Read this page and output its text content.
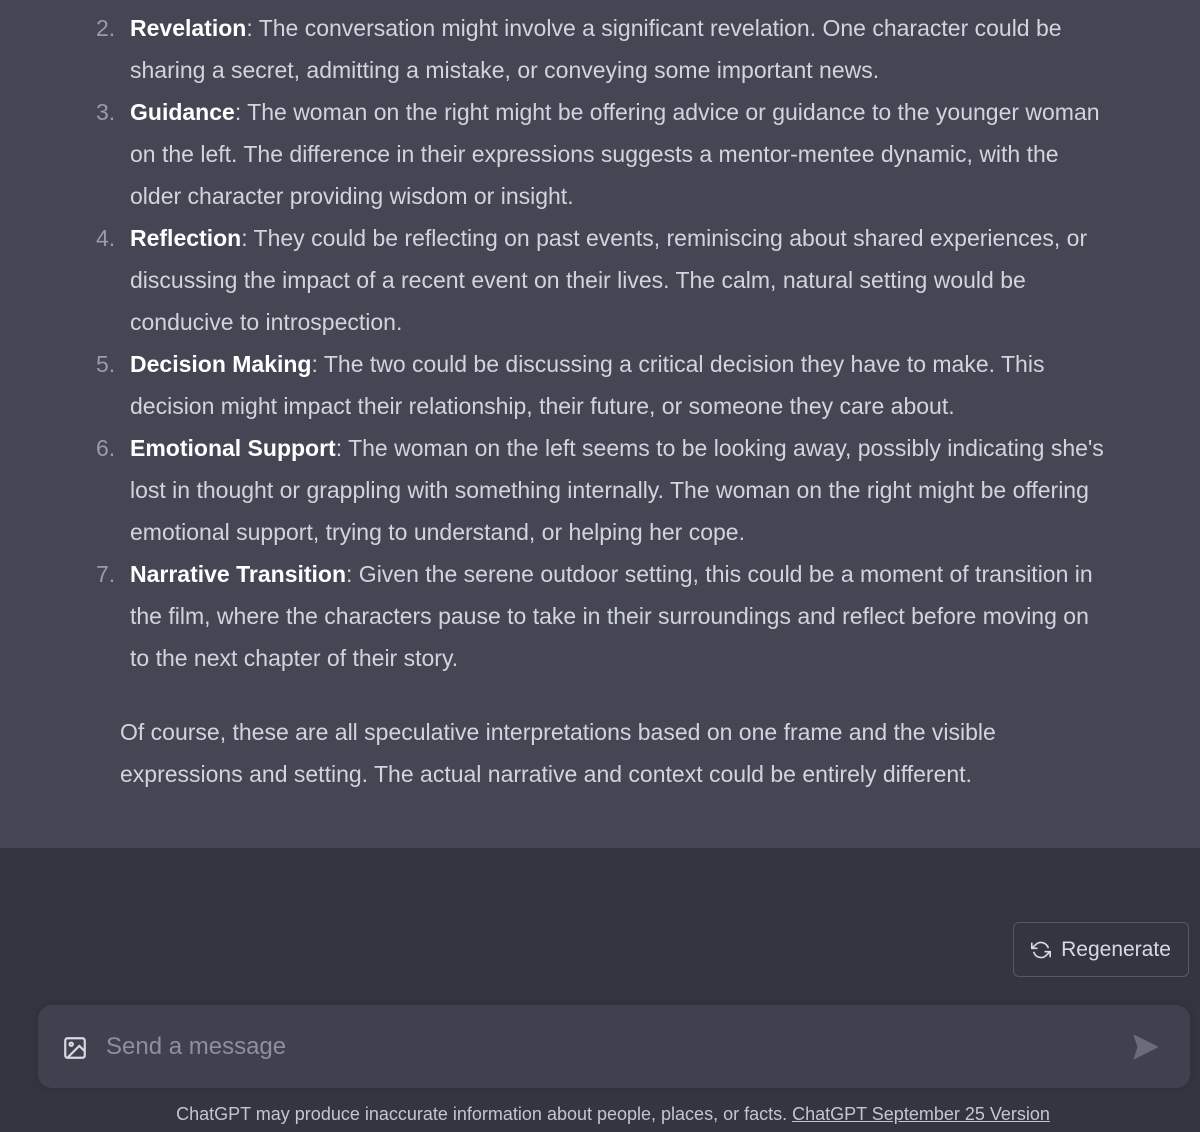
2. Revelation: The conversation might involve a significant revelation. One character could be sharing a secret, admitting a mistake, or conveying some important news.
3. Guidance: The woman on the right might be offering advice or guidance to the younger woman on the left. The difference in their expressions suggests a mentor-mentee dynamic, with the older character providing wisdom or insight.
4. Reflection: They could be reflecting on past events, reminiscing about shared experiences, or discussing the impact of a recent event on their lives. The calm, natural setting would be conducive to introspection.
5. Decision Making: The two could be discussing a critical decision they have to make. This decision might impact their relationship, their future, or someone they care about.
6. Emotional Support: The woman on the left seems to be looking away, possibly indicating she's lost in thought or grappling with something internally. The woman on the right might be offering emotional support, trying to understand, or helping her cope.
7. Narrative Transition: Given the serene outdoor setting, this could be a moment of transition in the film, where the characters pause to take in their surroundings and reflect before moving on to the next chapter of their story.

Of course, these are all speculative interpretations based on one frame and the visible expressions and setting. The actual narrative and context could be entirely different.

Regenerate
Send a message
ChatGPT may produce inaccurate information about people, places, or facts. ChatGPT September 25 Version
